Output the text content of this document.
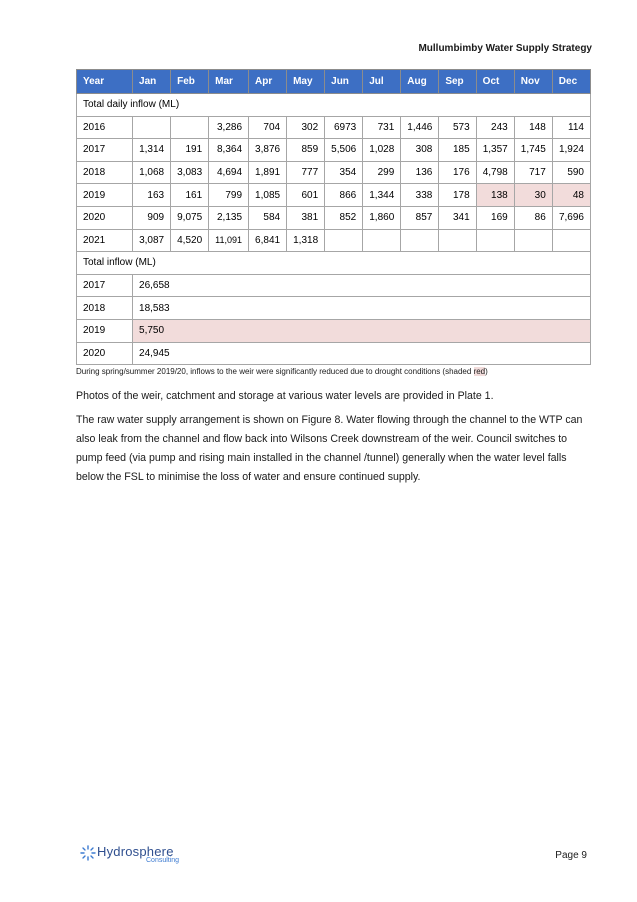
Mullumbimby Water Supply Strategy
Year	Jan	Feb	Mar	Apr	May	Jun	Jul	Aug	Sep	Oct	Nov	Dec
Total daily inflow (ML)												
2016			3,286	704	302	6973	731	1,446	573	243	148	114
2017	1,314	191	8,364	3,876	859	5,506	1,028	308	185	1,357	1,745	1,924
2018	1,068	3,083	4,694	1,891	777	354	299	136	176	4,798	717	590
2019	163	161	799	1,085	601	866	1,344	338	178	138	30	48
2020	909	9,075	2,135	584	381	852	1,860	857	341	169	86	7,696
2021	3,087	4,520	11,091	6,841	1,318							
Total inflow (ML)												
2017	26,658											
2018	18,583											
2019	5,750											
2020	24,945											
During spring/summer 2019/20, inflows to the weir were significantly reduced due to drought conditions (shaded red)
Photos of the weir, catchment and storage at various water levels are provided in Plate 1.
The raw water supply arrangement is shown on Figure 8. Water flowing through the channel to the WTP can also leak from the channel and flow back into Wilsons Creek downstream of the weir. Council switches to pump feed (via pump and rising main installed in the channel /tunnel) generally when the water level falls below the FSL to minimise the loss of water and ensure continued supply.
Hydrosphere
Consulting	Page 9
